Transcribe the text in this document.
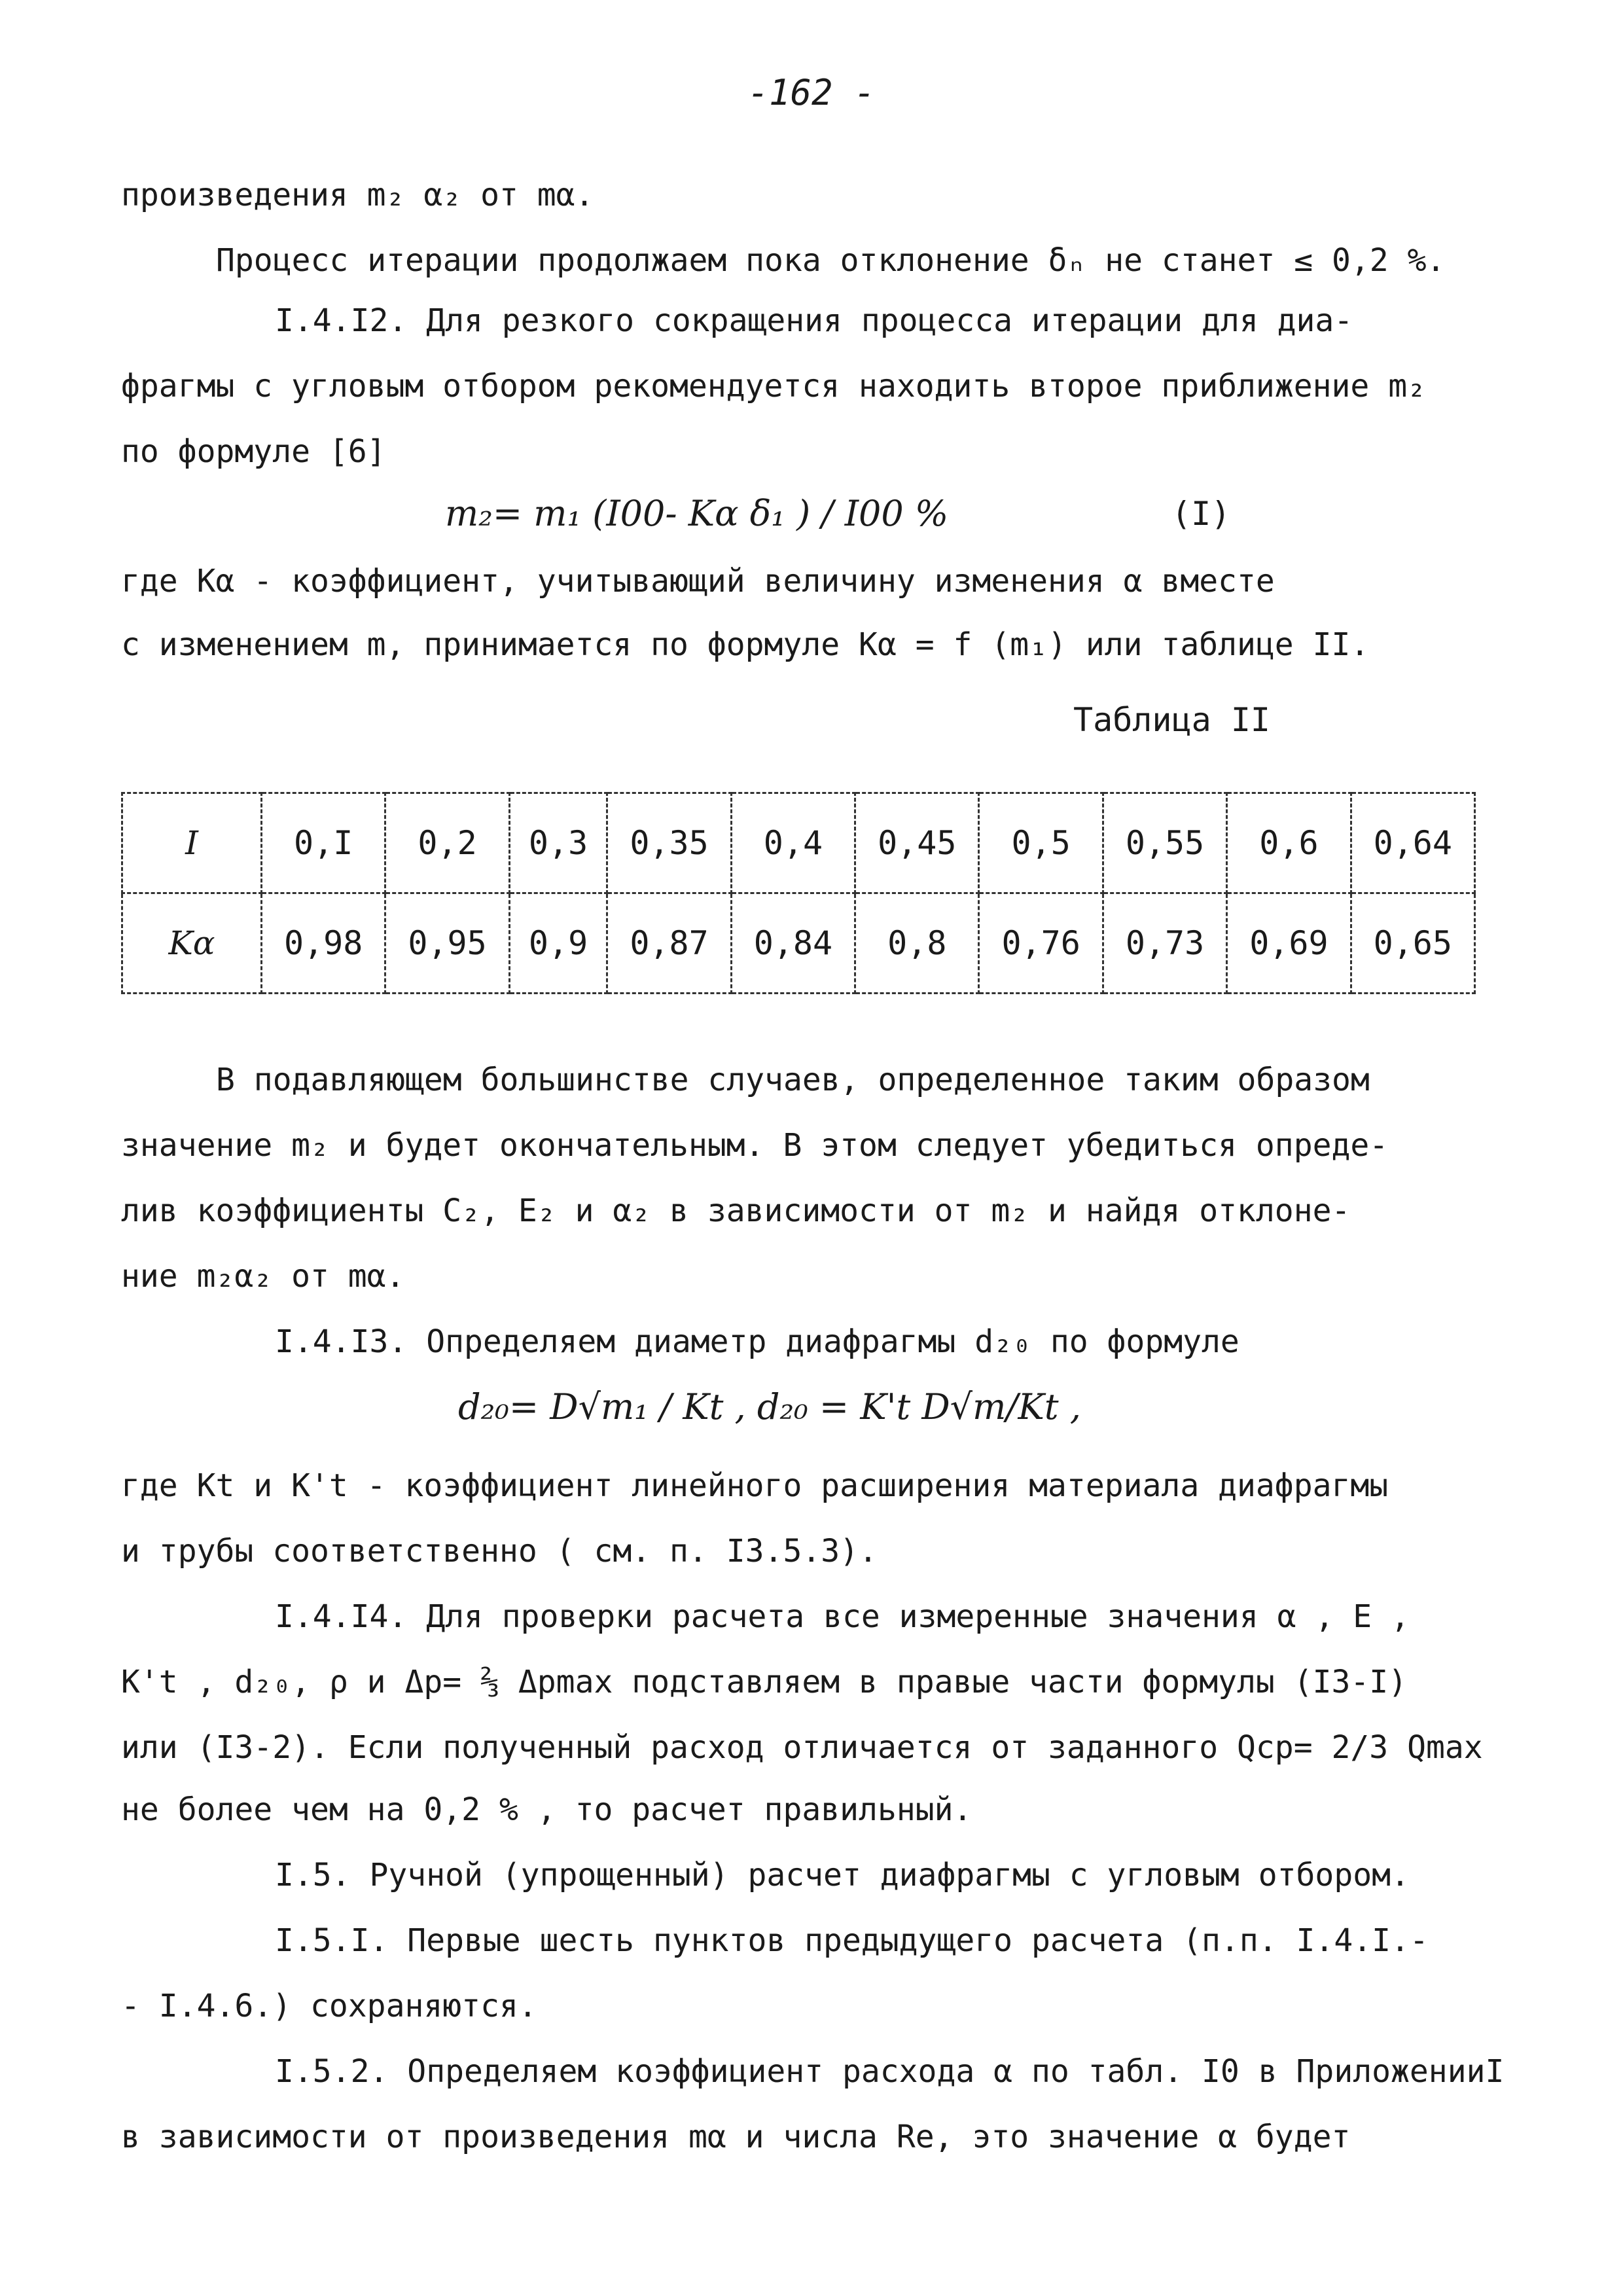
-162 -
произведения m₂ α₂ от mα.
Процесс итерации продолжаем пока отклонение δₙ не станет ≤ 0,2 %.
I.4.I2. Для резкого сокращения процесса итерации для диа-
фрагмы с угловым отбором рекомендуется находить второе приближение m₂
по формуле [6]
m₂= m₁ (I00- Kα δ₁ ) / I00 %	(I)
где Kα - коэффициент, учитывающий величину изменения α вместе
с изменением m, принимается по формуле Kα = f (m₁) или таблице II.
Таблица II
I	0,I	0,2	0,3	0,35	0,4	0,45	0,5	0,55	0,6	0,64
Kα	0,98	0,95	0,9	0,87	0,84	0,8	0,76	0,73	0,69	0,65
В подавляющем большинстве случаев, определенное таким образом
значение m₂ и будет окончательным. В этом следует убедиться опреде-
лив коэффициенты C₂, E₂ и α₂ в зависимости от m₂ и найдя отклоне-
ние m₂α₂ от mα.
I.4.I3. Определяем диаметр диафрагмы d₂₀ по формуле
d₂₀= D√m₁ / Kt , d₂₀ = K't D√m/Kt ,
где Kt и K't - коэффициент линейного расширения материала диафрагмы
и трубы соответственно ( см. п. I3.5.3).
I.4.I4. Для проверки расчета все измеренные значения α , E ,
K't , d₂₀, ρ и Δp= ⅔ Δpmax подставляем в правые части формулы (I3-I)
или (I3-2). Если полученный расход отличается от заданного Qср= 2/3 Qmax
не более чем на 0,2 % , то расчет правильный.
I.5. Ручной (упрощенный) расчет диафрагмы с угловым отбором.
I.5.I. Первые шесть пунктов предыдущего расчета (п.п. I.4.I.-
- I.4.6.) сохраняются.
I.5.2. Определяем коэффициент расхода α по табл. I0 в ПриложенииI
в зависимости от произведения mα и числа Re, это значение α будет
